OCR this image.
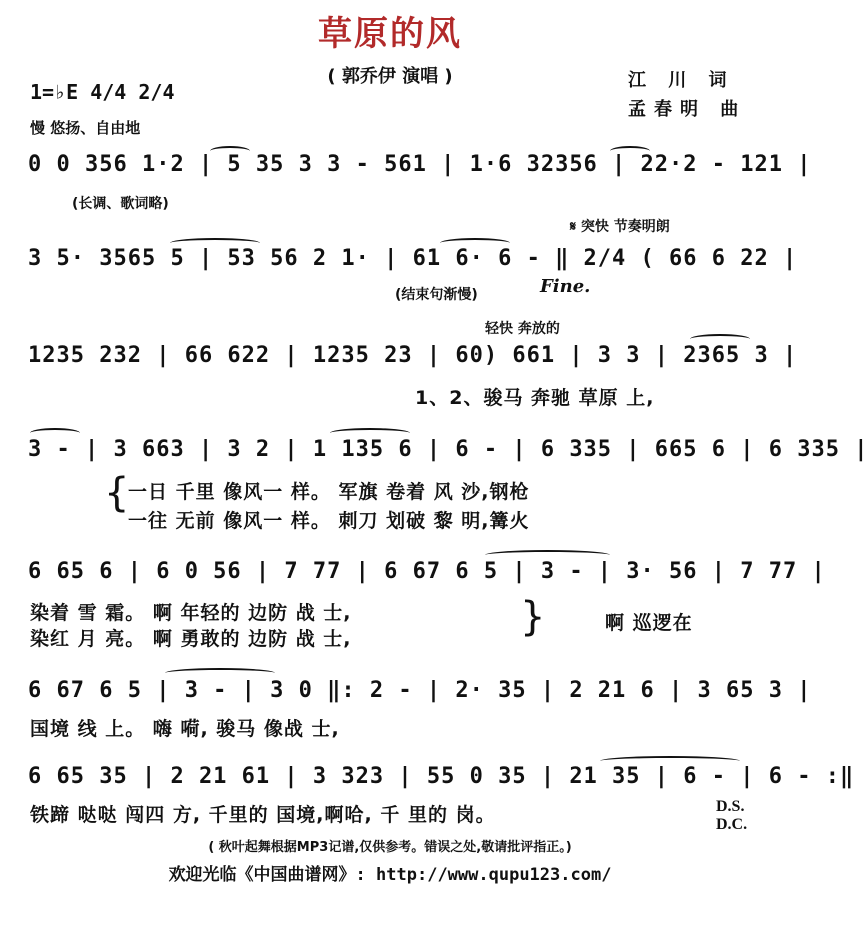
草原的风
( 郭乔伊 演唱 )	江 川 词
孟春明 曲
1=♭E 4/4 2/4
慢 悠扬、自由地
0 0 356 1·2 | 5 35 3 3 - 561 | 1·6 32356 | 22·2 - 121 |
(长调、歌词略)
𝄋 突快 节奏明朗
3 5· 3565 5 | 53 56 2 1· | 61 6· 6 - ‖ 2/4 ( 66 6 22 |
(结束句渐慢)	Fine.
轻快 奔放的
1235 232 | 66 622 | 1235 23 | 60) 661 | 3 3 | 2365 3 |
1、2、骏马 奔驰 草原 上,
3 - | 3 663 | 3 2 | 1 135 6 | 6 - | 6 335 | 665 6 | 6 335 |
{
一日 千里 像风一 样。 军旗 卷着 风 沙,钢枪
一往 无前 像风一 样。 刺刀 划破 黎 明,篝火
6 65 6 | 6 0 56 | 7 77 | 6 67 6 5 | 3 - | 3· 56 | 7 77 |
染着 雪 霜。 啊 年轻的 边防 战 士,
染红 月 亮。 啊 勇敢的 边防 战 士,	}	啊 巡逻在
6 67 6 5 | 3 - | 3 0 ‖: 2 - | 2· 35 | 2 21 6 | 3 65 3 |
国境 线 上。 嗨 嗬, 骏马 像战 士,
6 65 35 | 2 21 61 | 3 323 | 55 0 35 | 21 35 | 6 - | 6 - :‖
铁蹄 哒哒 闯四 方, 千里的 国境,啊哈, 千 里的 岗。	D.S.
D.C.
( 秋叶起舞根据MP3记谱,仅供参考。错误之处,敬请批评指正。)
欢迎光临《中国曲谱网》: http://www.qupu123.com/
